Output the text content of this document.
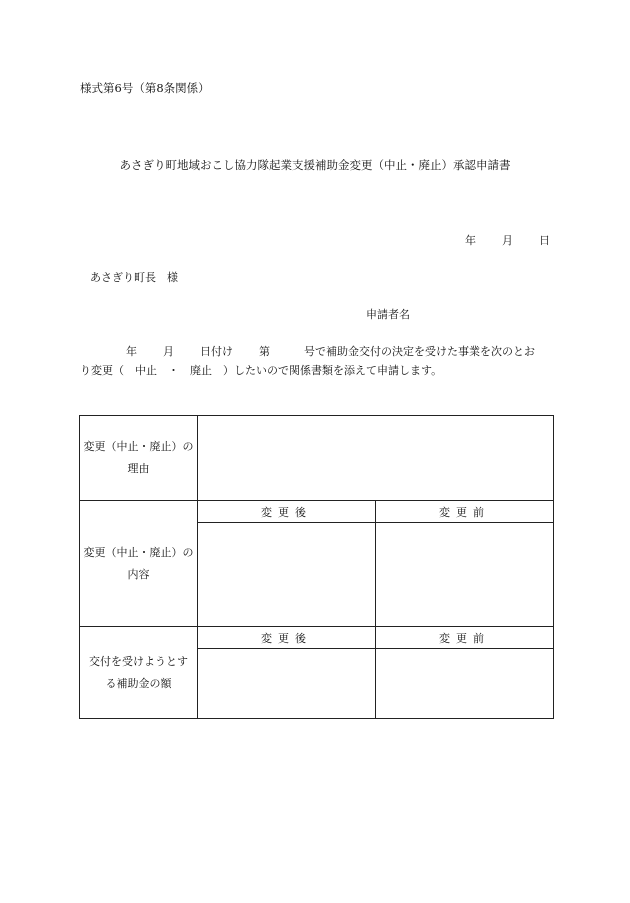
様式第6号（第8条関係）
あさぎり町地域おこし協力隊起業支援補助金変更（中止・廃止）承認申請書
年 月 日
あさぎり町長　様
申請者名
年 月 日付け 第	号で補助金交付の決定を受けた事業を次のとお
り変更（　中止　・　廃止　）したいので関係書類を添えて申請します。
変更（中止・廃止）の
理由		

変更（中止・廃止）の
内容	変更後	変更前

交付を受けようとす
る補助金の額	変更後	変更前
